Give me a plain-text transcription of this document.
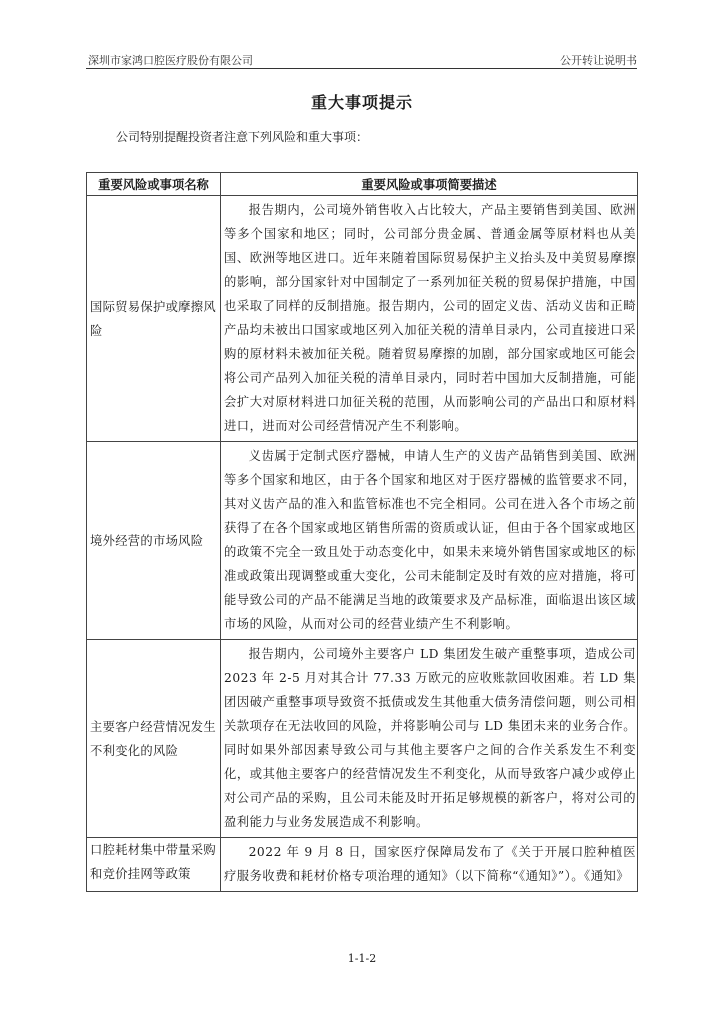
深圳市家鸿口腔医疗股份有限公司	公开转让说明书
重大事项提示
公司特别提醒投资者注意下列风险和重大事项：
重要风险或事项名称	重要风险或事项简要描述
国际贸易保护或摩擦风险	报告期内，公司境外销售收入占比较大，产品主要销售到美国、欧洲等多个国家和地区；同时，公司部分贵金属、普通金属等原材料也从美国、欧洲等地区进口。近年来随着国际贸易保护主义抬头及中美贸易摩擦的影响，部分国家针对中国制定了一系列加征关税的贸易保护措施，中国也采取了同样的反制措施。报告期内，公司的固定义齿、活动义齿和正畸产品均未被出口国家或地区列入加征关税的清单目录内，公司直接进口采购的原材料未被加征关税。随着贸易摩擦的加剧，部分国家或地区可能会将公司产品列入加征关税的清单目录内，同时若中国加大反制措施，可能会扩大对原材料进口加征关税的范围，从而影响公司的产品出口和原材料进口，进而对公司经营情况产生不利影响。
境外经营的市场风险	义齿属于定制式医疗器械，申请人生产的义齿产品销售到美国、欧洲等多个国家和地区，由于各个国家和地区对于医疗器械的监管要求不同，其对义齿产品的准入和监管标准也不完全相同。公司在进入各个市场之前获得了在各个国家或地区销售所需的资质或认证，但由于各个国家或地区的政策不完全一致且处于动态变化中，如果未来境外销售国家或地区的标准或政策出现调整或重大变化，公司未能制定及时有效的应对措施，将可能导致公司的产品不能满足当地的政策要求及产品标准，面临退出该区域市场的风险，从而对公司的经营业绩产生不利影响。
主要客户经营情况发生不利变化的风险	报告期内，公司境外主要客户 LD 集团发生破产重整事项，造成公司 2023 年 2-5 月对其合计 77.33 万欧元的应收账款回收困难。若 LD 集团因破产重整事项导致资不抵债或发生其他重大债务清偿问题，则公司相关款项存在无法收回的风险，并将影响公司与 LD 集团未来的业务合作。同时如果外部因素导致公司与其他主要客户之间的合作关系发生不利变化，或其他主要客户的经营情况发生不利变化，从而导致客户减少或停止对公司产品的采购，且公司未能及时开拓足够规模的新客户，将对公司的盈利能力与业务发展造成不利影响。
口腔耗材集中带量采购和竞价挂网等政策	2022 年 9 月 8 日，国家医疗保障局发布了《关于开展口腔种植医疗服务收费和耗材价格专项治理的通知》（以下简称“《通知》”）。《通知》
1-1-2
